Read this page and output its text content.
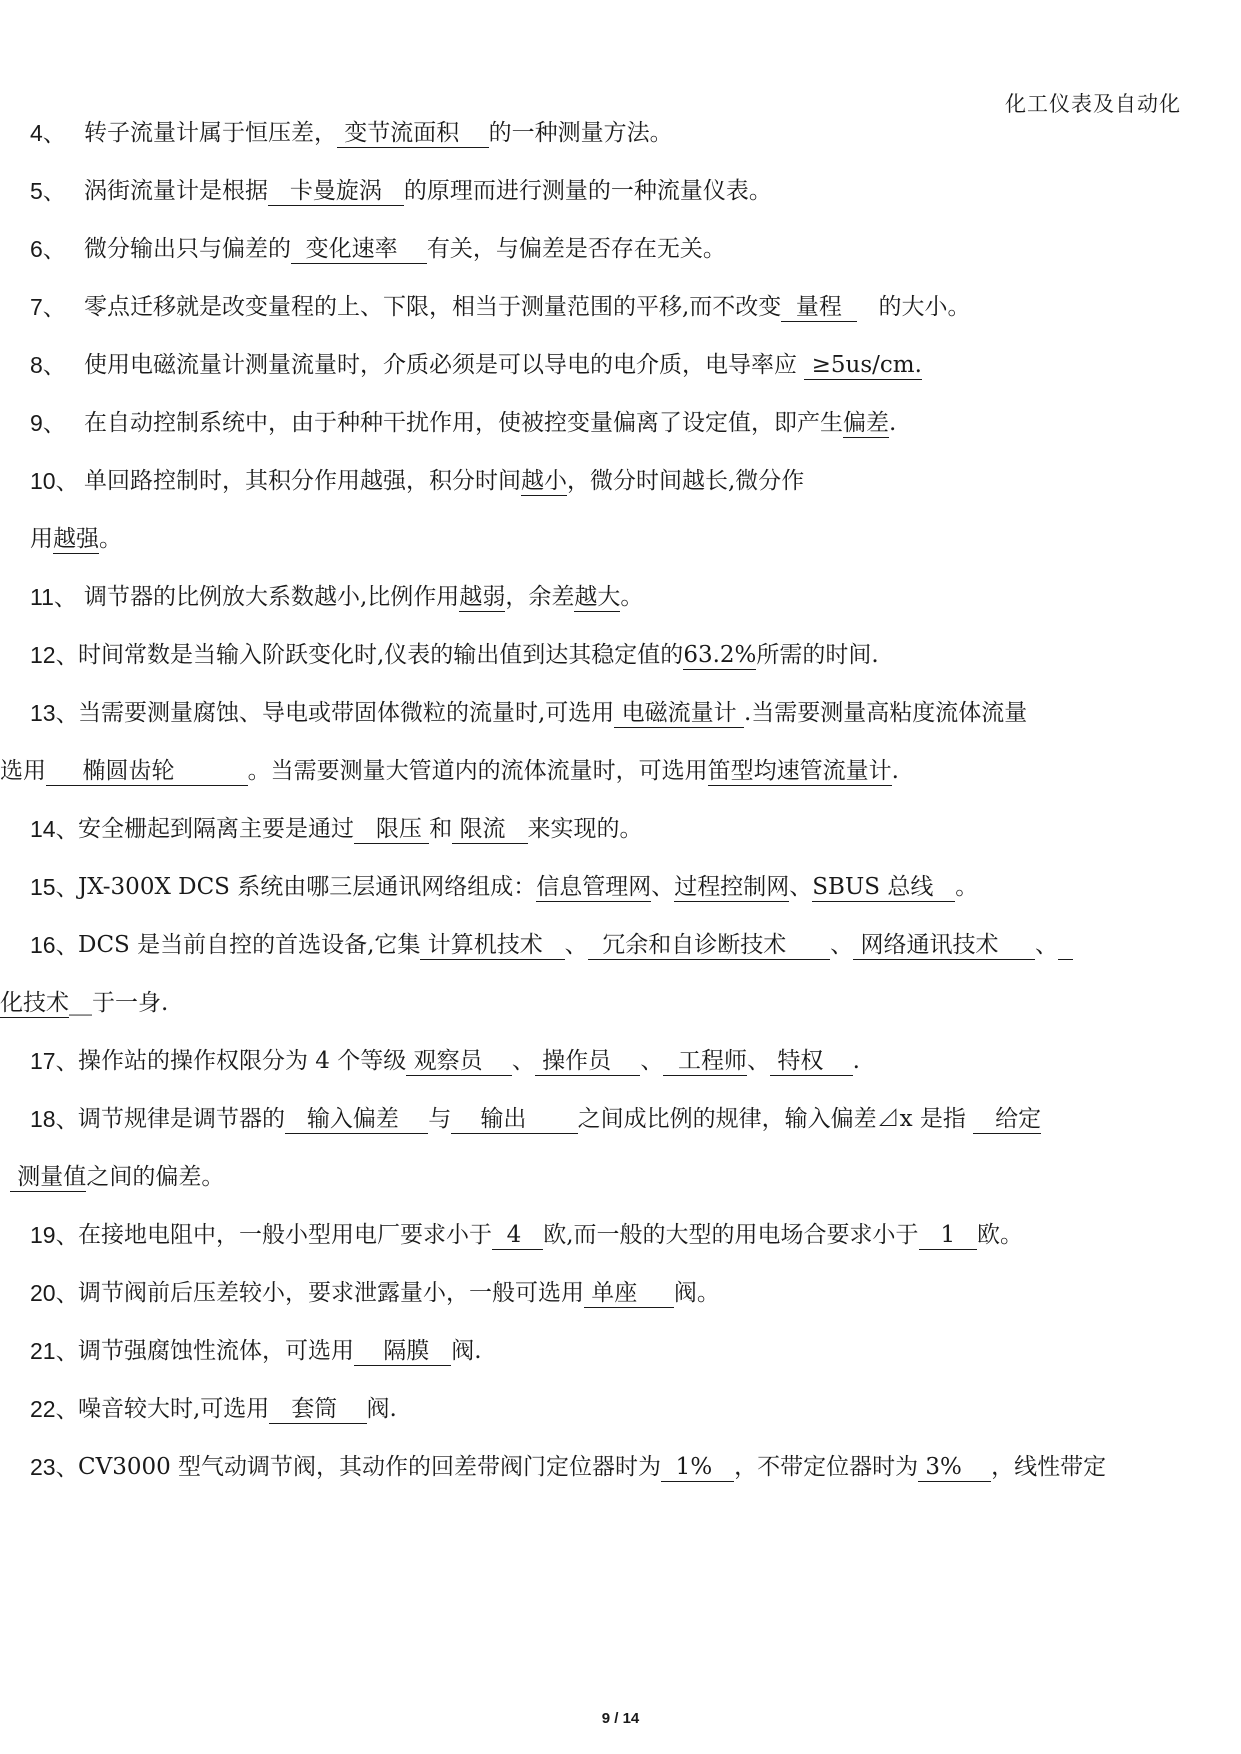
化工仪表及自动化
4、 转子流量计属于恒压差， 变节流面积    的一种测量方法。
5、 涡街流量计是根据   卡曼旋涡   的原理而进行测量的一种流量仪表。
6、 微分输出只与偏差的  变化速率    有关，与偏差是否存在无关。
7、 零点迁移就是改变量程的上、下限，相当于测量范围的平移,而不改变  量程     的大小。
8、 使用电磁流量计测量流量时，介质必须是可以导电的电介质，电导率应  ≥5us/cm.
9、 在自动控制系统中，由于种种干扰作用，使被控变量偏离了设定值，即产生偏差.
10、 单回路控制时，其积分作用越强，积分时间越小，微分时间越长,微分作
用越强。
11、 调节器的比例放大系数越小,比例作用越弱，余差越大。
12、 时间常数是当输入阶跃变化时,仪表的输出值到达其稳定值的63.2%所需的时间.
13、 当需要测量腐蚀、导电或带固体微粒的流量时,可选用 电磁流量计 .当需要测量高粘度流体流量
选用     椭圆齿轮          。当需要测量大管道内的流体流量时，可选用笛型均速管流量计.
14、 安全栅起到隔离主要是通过   限压 和 限流   来实现的。
15、 JX-300X DCS 系统由哪三层通讯网络组成：信息管理网、过程控制网、SBUS 总线   。
16、 DCS 是当前自控的首选设备,它集 计算机技术   、  冗余和自诊断技术      、 网络通讯技术     、
化技术__于一身.
17、 操作站的操作权限分为 4 个等级 观察员    、 操作员    、  工程师、 特权    .
18、 调节规律是调节器的   输入偏差    与    输出       之间成比例的规律，输入偏差⊿x 是指    给定
测量值之间的偏差。
19、 在接地电阻中，一般小型用电厂要求小于  4   欧,而一般的大型的用电场合要求小于   1   欧。
20、 调节阀前后压差较小，要求泄露量小，一般可选用 单座     阀。
21、 调节强腐蚀性流体，可选用    隔膜   阀.
22、 噪音较大时,可选用   套筒    阀.
23、 CV3000 型气动调节阀，其动作的回差带阀门定位器时为  1%   ，不带定位器时为 3%    ，线性带定
9 / 14
